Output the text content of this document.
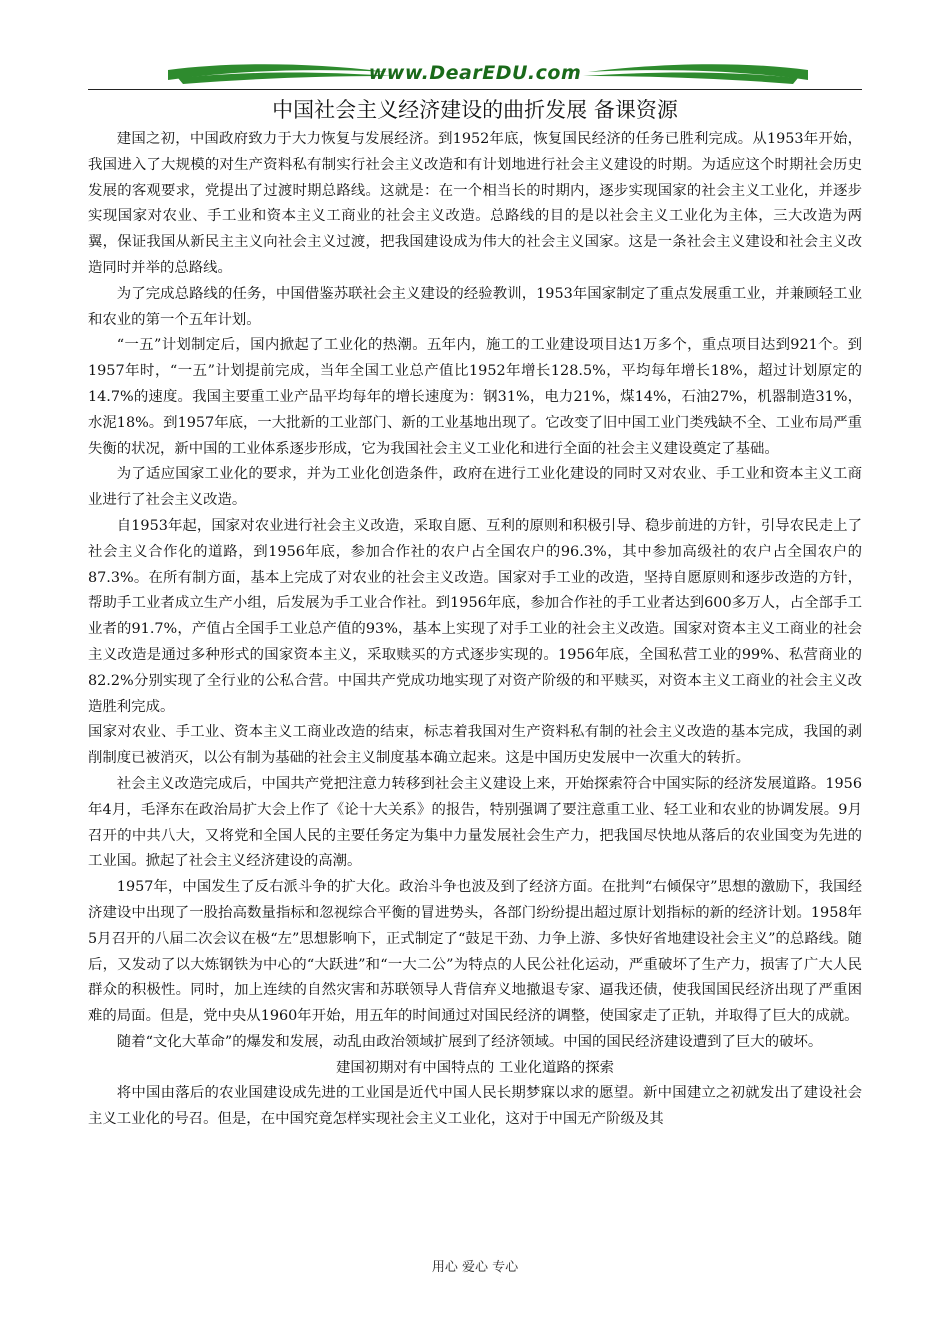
www.DearEDU.com
中国社会主义经济建设的曲折发展 备课资源

建国之初，中国政府致力于大力恢复与发展经济。到1952年底，恢复国民经济的任务已胜利完成。从1953年开始，我国进入了大规模的对生产资料私有制实行社会主义改造和有计划地进行社会主义建设的时期。为适应这个时期社会历史发展的客观要求，党提出了过渡时期总路线。这就是：在一个相当长的时期内，逐步实现国家的社会主义工业化，并逐步实现国家对农业、手工业和资本主义工商业的社会主义改造。总路线的目的是以社会主义工业化为主体，三大改造为两翼，保证我国从新民主主义向社会主义过渡，把我国建设成为伟大的社会主义国家。这是一条社会主义建设和社会主义改造同时并举的总路线。

为了完成总路线的任务，中国借鉴苏联社会主义建设的经验教训，1953年国家制定了重点发展重工业，并兼顾轻工业和农业的第一个五年计划。

“一五”计划制定后，国内掀起了工业化的热潮。五年内，施工的工业建设项目达1万多个，重点项目达到921个。到1957年时，“一五”计划提前完成，当年全国工业总产值比1952年增长128.5%，平均每年增长18%，超过计划原定的14.7%的速度。我国主要重工业产品平均每年的增长速度为：钢31%，电力21%，煤14%，石油27%，机器制造31%，水泥18%。到1957年底，一大批新的工业部门、新的工业基地出现了。它改变了旧中国工业门类残缺不全、工业布局严重失衡的状况，新中国的工业体系逐步形成，它为我国社会主义工业化和进行全面的社会主义建设奠定了基础。

为了适应国家工业化的要求，并为工业化创造条件，政府在进行工业化建设的同时又对农业、手工业和资本主义工商业进行了社会主义改造。

自1953年起，国家对农业进行社会主义改造，采取自愿、互利的原则和积极引导、稳步前进的方针，引导农民走上了社会主义合作化的道路，到1956年底，参加合作社的农户占全国农户的96.3%，其中参加高级社的农户占全国农户的87.3%。在所有制方面，基本上完成了对农业的社会主义改造。国家对手工业的改造，坚持自愿原则和逐步改造的方针，帮助手工业者成立生产小组，后发展为手工业合作社。到1956年底，参加合作社的手工业者达到600多万人，占全部手工业者的91.7%，产值占全国手工业总产值的93%，基本上实现了对手工业的社会主义改造。国家对资本主义工商业的社会主义改造是通过多种形式的国家资本主义，采取赎买的方式逐步实现的。1956年底，全国私营工业的99%、私营商业的82.2%分别实现了全行业的公私合营。中国共产党成功地实现了对资产阶级的和平赎买，对资本主义工商业的社会主义改造胜利完成。

国家对农业、手工业、资本主义工商业改造的结束，标志着我国对生产资料私有制的社会主义改造的基本完成，我国的剥削制度已被消灭，以公有制为基础的社会主义制度基本确立起来。这是中国历史发展中一次重大的转折。

社会主义改造完成后，中国共产党把注意力转移到社会主义建设上来，开始探索符合中国实际的经济发展道路。1956年4月，毛泽东在政治局扩大会上作了《论十大关系》的报告，特别强调了要注意重工业、轻工业和农业的协调发展。9月召开的中共八大，又将党和全国人民的主要任务定为集中力量发展社会生产力，把我国尽快地从落后的农业国变为先进的工业国。掀起了社会主义经济建设的高潮。

1957年，中国发生了反右派斗争的扩大化。政治斗争也波及到了经济方面。在批判“右倾保守”思想的激励下，我国经济建设中出现了一股抬高数量指标和忽视综合平衡的冒进势头，各部门纷纷提出超过原计划指标的新的经济计划。1958年5月召开的八届二次会议在极“左”思想影响下，正式制定了“鼓足干劲、力争上游、多快好省地建设社会主义”的总路线。随后，又发动了以大炼钢铁为中心的“大跃进”和“一大二公”为特点的人民公社化运动，严重破坏了生产力，损害了广大人民群众的积极性。同时，加上连续的自然灾害和苏联领导人背信弃义地撤退专家、逼我还债，使我国国民经济出现了严重困难的局面。但是，党中央从1960年开始，用五年的时间通过对国民经济的调整，使国家走了正轨，并取得了巨大的成就。

随着“文化大革命”的爆发和发展，动乱由政治领域扩展到了经济领域。中国的国民经济建设遭到了巨大的破坏。

建国初期对有中国特点的 工业化道路的探索

将中国由落后的农业国建设成先进的工业国是近代中国人民长期梦寐以求的愿望。新中国建立之初就发出了建设社会主义工业化的号召。但是，在中国究竟怎样实现社会主义工业化，这对于中国无产阶级及其

用心 爱心 专心
